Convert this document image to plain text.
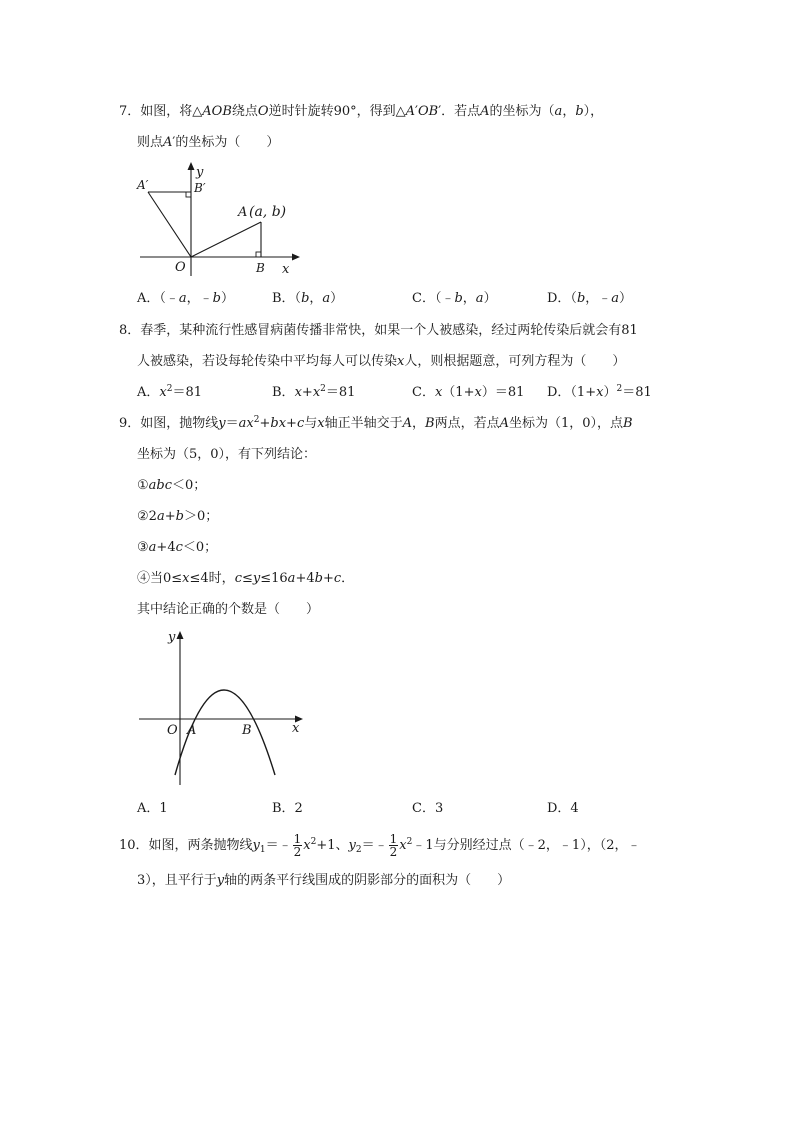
7．如图，将△AOB绕点O逆时针旋转90°，得到△A′OB′．若点A的坐标为（a，b），
则点A′的坐标为（　　）
y
x
O
A′	B′
A (a, b)
B
A．（﹣a，﹣b）	B．（b，a）	C．（﹣b，a）	D．（b，﹣a）
8．春季，某种流行性感冒病菌传播非常快，如果一个人被感染，经过两轮传染后就会有81
人被感染，若设每轮传染中平均每人可以传染x人，则根据题意，可列方程为（　　）
A．$x^2=81$	B．$x+x^2=81$	C．x（1+x）＝81 D．$(1+x)^2=81$
9．如图，抛物线$y=ax^2+bx+c$与x轴正半轴交于A，B两点，若点A坐标为（1，0），点B
坐标为（5，0），有下列结论：
①abc＜0；
②2a+b＞0；
③a+4c＜0；
④当0≤x≤4时，c≤y≤16a+4b+c．
其中结论正确的个数是（　　）
y
x
O A	B
A．1	B．2	C．3	D．4
10．如图，两条抛物线$y_1=﹣ \frac{1}{2} x^2+1$、$y_2=﹣ \frac{1}{2}$ $x^2﹣1$与分别经过点（﹣2，﹣1），（2，﹣
3），且平行于y轴的两条平行线围成的阴影部分的面积为（　　）
